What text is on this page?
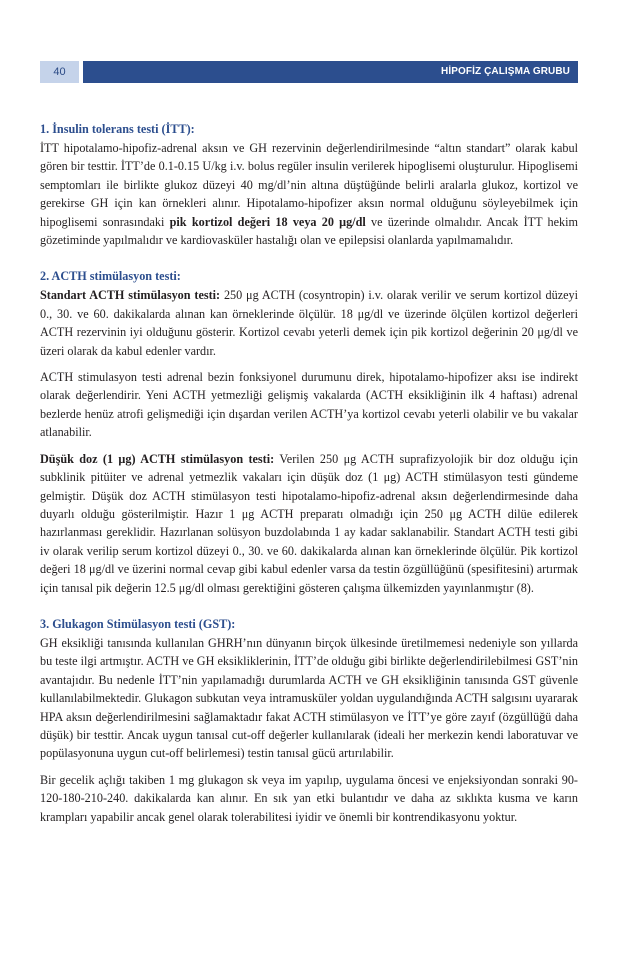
40	HİPOFİZ ÇALIŞMA GRUBU
1. İnsulin tolerans testi (İTT):

İTT hipotalamo-hipofiz-adrenal aksın ve GH rezervinin değerlendirilmesinde “altın standart” olarak kabul gören bir testtir. İTT’de 0.1-0.15 U/kg i.v. bolus regüler insulin verilerek hipoglisemi oluşturulur. Hipoglisemi semptomları ile birlikte glukoz düzeyi 40 mg/dl’nin altına düştüğünde belirli aralarla glukoz, kortizol ve gerekirse GH için kan örnekleri alınır. Hipotalamo-hipofizer aksın normal olduğunu söyleyebilmek için hipoglisemi sonrasındaki pik kortizol değeri 18 veya 20 μg/dl ve üzerinde olmalıdır. Ancak İTT hekim gözetiminde yapılmalıdır ve kardiovasküler hastalığı olan ve epilepsisi olanlarda yapılmamalıdır.

2. ACTH stimülasyon testi:

Standart ACTH stimülasyon testi: 250 μg ACTH (cosyntropin) i.v. olarak verilir ve serum kortizol düzeyi 0., 30. ve 60. dakikalarda alınan kan örneklerinde ölçülür. 18 μg/dl ve üzerinde ölçülen kortizol değerleri ACTH rezervinin iyi olduğunu gösterir. Kortizol cevabı yeterli demek için pik kortizol değerinin 20 μg/dl ve üzeri olarak da kabul edenler vardır.

ACTH stimulasyon testi adrenal bezin fonksiyonel durumunu direk, hipotalamo-hipofizer aksı ise indirekt olarak değerlendirir. Yeni ACTH yetmezliği gelişmiş vakalarda (ACTH eksikliğinin ilk 4 haftası) adrenal bezlerde henüz atrofi gelişmediği için dışardan verilen ACTH’ya kortizol cevabı yeterli olabilir ve bu vakalar atlanabilir.

Düşük doz (1 μg) ACTH stimülasyon testi: Verilen 250 μg ACTH suprafizyolojik bir doz olduğu için subklinik pitüiter ve adrenal yetmezlik vakaları için düşük doz (1 μg) ACTH stimülasyon testi gündeme gelmiştir. Düşük doz ACTH stimülasyon testi hipotalamo-hipofiz-adrenal aksın değerlendirmesinde daha duyarlı olduğu gösterilmiştir. Hazır 1 μg ACTH preparatı olmadığı için 250 μg ACTH dilüe edilerek hazırlanması gereklidir. Hazırlanan solüsyon buzdolabında 1 ay kadar saklanabilir. Standart ACTH testi gibi iv olarak verilip serum kortizol düzeyi 0., 30. ve 60. dakikalarda alınan kan örneklerinde ölçülür. Pik kortizol değeri 18 μg/dl ve üzerini normal cevap gibi kabul edenler varsa da testin özgüllüğünü (spesifitesini) artırmak için tanısal pik değerin 12.5 μg/dl olması gerektiğini gösteren çalışma ülkemizden yayınlanmıştır (8).

3. Glukagon Stimülasyon testi (GST):

GH eksikliği tanısında kullanılan GHRH’nın dünyanın birçok ülkesinde üretilmemesi nedeniyle son yıllarda bu teste ilgi artmıştır. ACTH ve GH eksikliklerinin, İTT’de olduğu gibi birlikte değerlendirilebilmesi GST’nin avantajıdır. Bu nedenle İTT’nin yapılamadığı durumlarda ACTH ve GH eksikliğinin tanısında GST güvenle kullanılabilmektedir. Glukagon subkutan veya intramusküler yoldan uygulandığında ACTH salgısını uyararak HPA aksın değerlendirilmesini sağlamaktadır fakat ACTH stimülasyon ve İTT’ye göre zayıf (özgüllüğü daha düşük) bir testtir. Ancak uygun tanısal cut-off değerler kullanılarak (ideali her merkezin kendi laboratuvar ve popülasyonuna uygun cut-off belirlemesi) testin tanısal gücü artırılabilir.

Bir gecelik açlığı takiben 1 mg glukagon sk veya im yapılıp, uygulama öncesi ve enjeksiyondan sonraki 90-120-180-210-240. dakikalarda kan alınır. En sık yan etki bulantıdır ve daha az sıklıkta kusma ve karın krampları yapabilir ancak genel olarak tolerabilitesi iyidir ve önemli bir kontrendikasyonu yoktur.
